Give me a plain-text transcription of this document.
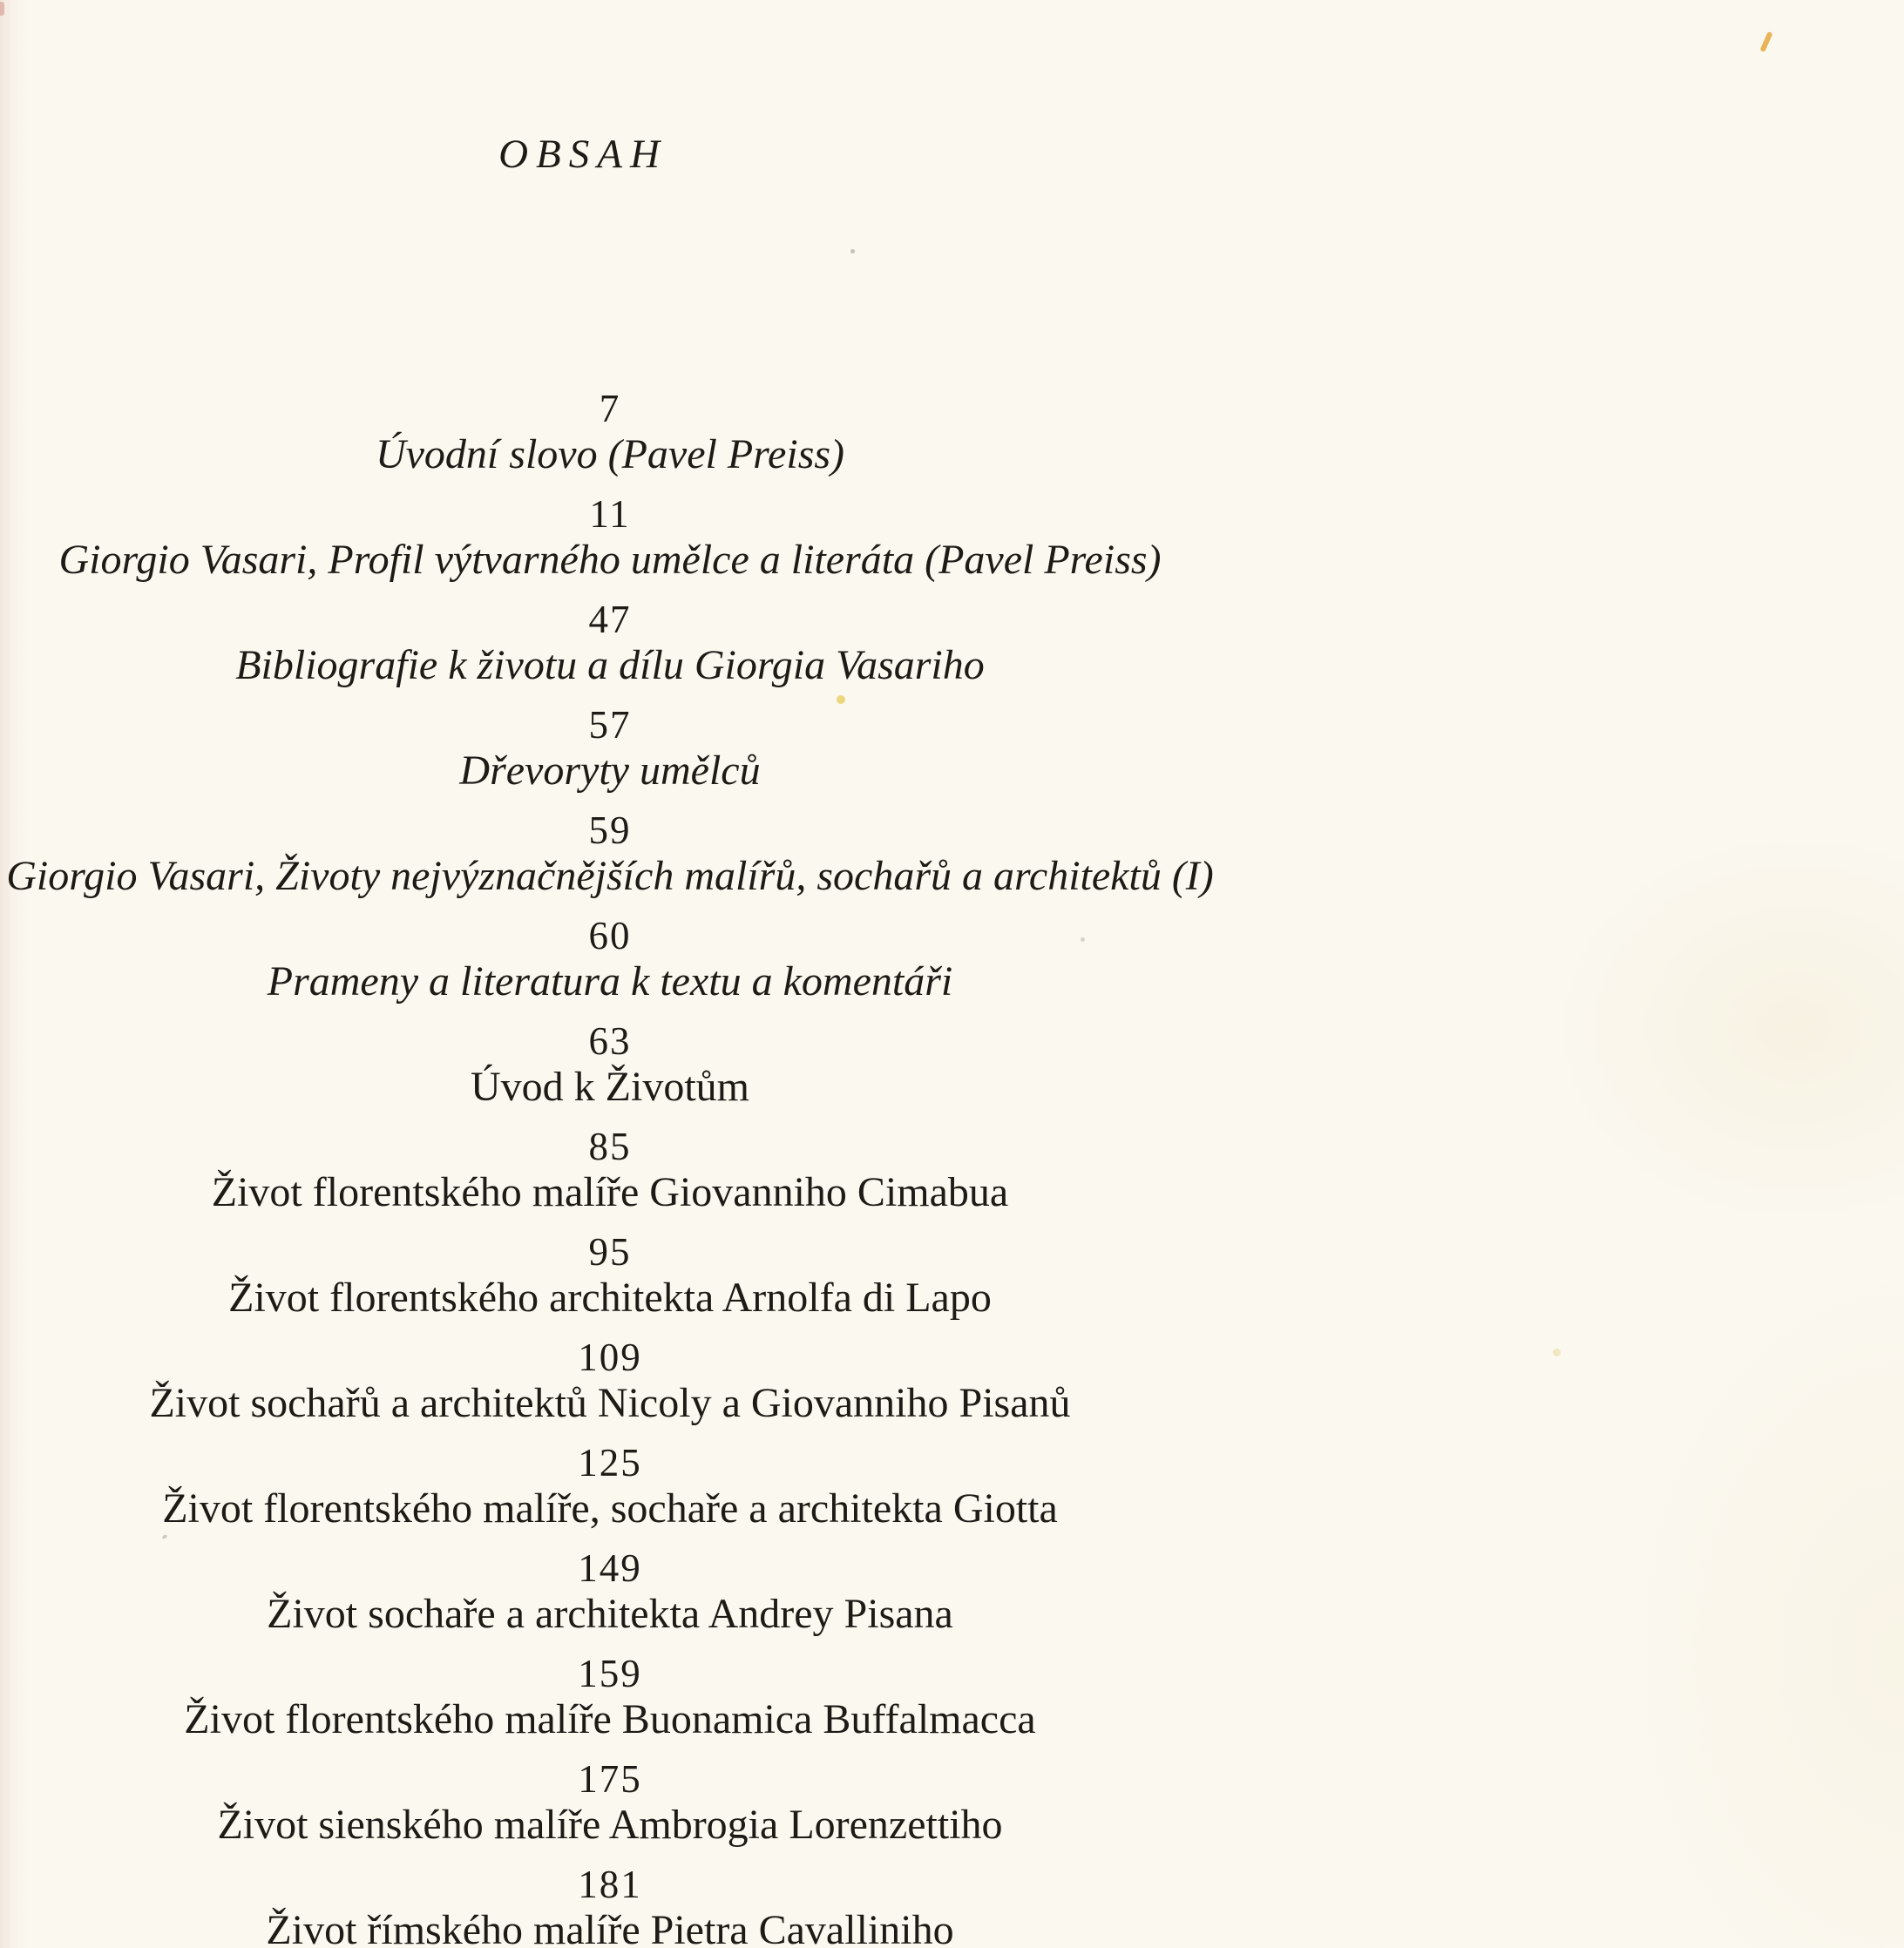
OBSAH
7
Úvodní slovo (Pavel Preiss)
11
Giorgio Vasari, Profil výtvarného umělce a literáta (Pavel Preiss)
47
Bibliografie k životu a dílu Giorgia Vasariho
57
Dřevoryty umělců
59
Giorgio Vasari, Životy nejvýznačnějších malířů, sochařů a architektů (I)
60
Prameny a literatura k textu a komentáři
63
Úvod k Životům
85
Život florentského malíře Giovanniho Cimabua
95
Život florentského architekta Arnolfa di Lapo
109
Život sochařů a architektů Nicoly a Giovanniho Pisanů
125
Život florentského malíře, sochaře a architekta Giotta
149
Život sochaře a architekta Andrey Pisana
159
Život florentského malíře Buonamica Buffalmacca
175
Život sienského malíře Ambrogia Lorenzettiho
181
Život římského malíře Pietra Cavalliniho
